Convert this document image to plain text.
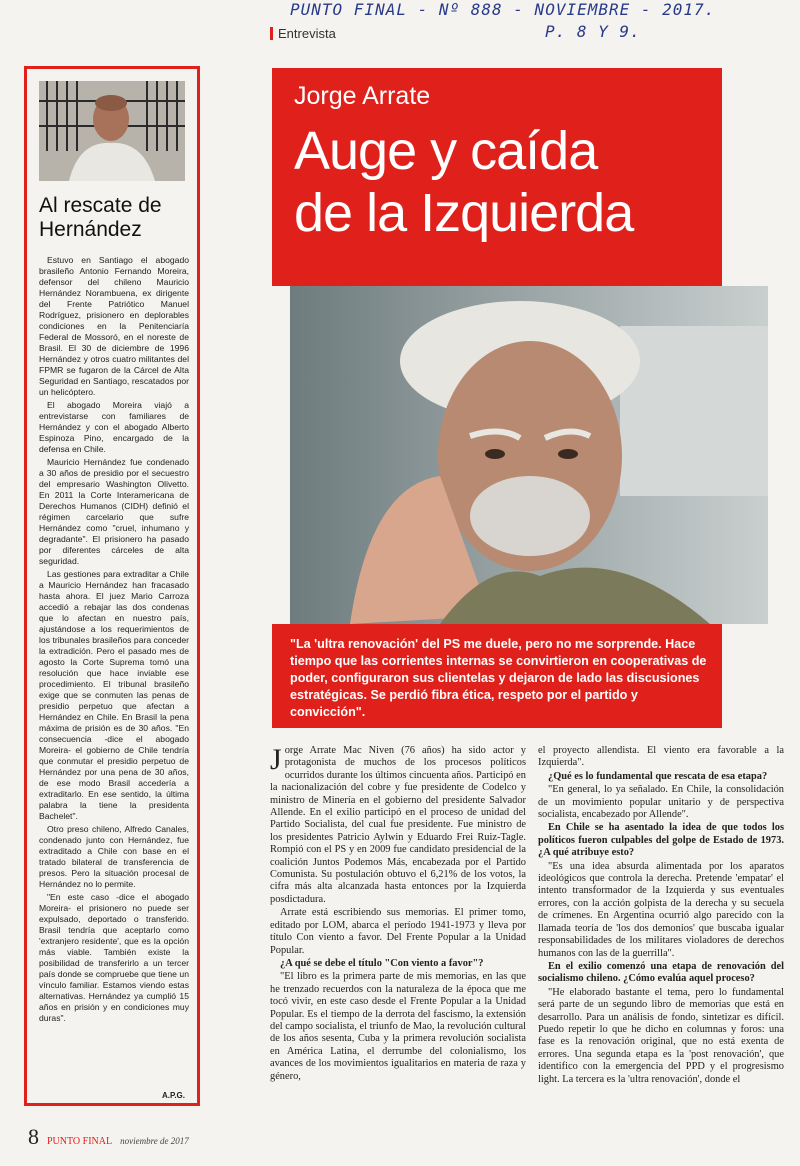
PUNTO FINAL - Nº 888 - NOVIEMBRE - 2017.
P. 8 Y 9.
Entrevista
Al rescate de Hernández

Estuvo en Santiago el abogado brasileño Antonio Fernando Moreira, defensor del chileno Mauricio Hernández Norambuena, ex dirigente del Frente Patriótico Manuel Rodríguez, prisionero en deplorables condiciones en la Penitenciaría Federal de Mossoró, en el noreste de Brasil. El 30 de diciembre de 1996 Hernández y otros cuatro militantes del FPMR se fugaron de la Cárcel de Alta Seguridad en Santiago, rescatados por un helicóptero.

El abogado Moreira viajó a entrevistarse con familiares de Hernández y con el abogado Alberto Espinoza Pino, encargado de la defensa en Chile.

Mauricio Hernández fue condenado a 30 años de presidio por el secuestro del empresario Washington Olivetto. En 2011 la Corte Interamericana de Derechos Humanos (CIDH) definió el régimen carcelario que sufre Hernández como "cruel, inhumano y degradante". El prisionero ha pasado por diferentes cárceles de alta seguridad.

Las gestiones para extraditar a Chile a Mauricio Hernández han fracasado hasta ahora. El juez Mario Carroza accedió a rebajar las dos condenas que lo afectan en nuestro país, ajustándose a los requerimientos de los tribunales brasileños para conceder la extradición. Pero el pasado mes de agosto la Corte Suprema tomó una resolución que hace inviable ese procedimiento. El tribunal brasileño exige que se conmuten las penas de presidio perpetuo que afectan a Hernández en Chile. En Brasil la pena máxima de prisión es de 30 años. "En consecuencia -dice el abogado Moreira- el gobierno de Chile tendría que conmutar el presidio perpetuo de Hernández por una pena de 30 años, de ese modo Brasil accedería a extraditarlo. En ese sentido, la última palabra la tiene la presidenta Bachelet".

Otro preso chileno, Alfredo Canales, condenado junto con Hernández, fue extraditado a Chile con base en el tratado bilateral de transferencia de presos. Pero la situación procesal de Hernández no lo permite.

"En este caso -dice el abogado Moreira- el prisionero no puede ser expulsado, deportado o transferido. Brasil tendría que aceptarlo como 'extranjero residente', que es la opción más viable. También existe la posibilidad de transferirlo a un tercer país donde se compruebe que tiene un vínculo familiar. Estamos viendo estas alternativas. Hernández ya cumplió 15 años en prisión y en condiciones muy duras".

A.P.G.
Jorge Arrate
Auge y caída
de la Izquierda
"La 'ultra renovación' del PS me duele, pero no me sorprende. Hace tiempo que las corrientes internas se convirtieron en cooperativas de poder, configuraron sus clientelas y dejaron de lado las discusiones estratégicas. Se perdió fibra ética, respeto por el partido y convicción".

Jorge Arrate Mac Niven (76 años) ha sido actor y protagonista de muchos de los procesos políticos ocurridos durante los últimos cincuenta años. Participó en la nacionalización del cobre y fue presidente de Codelco y ministro de Minería en el gobierno del presidente Salvador Allende. En el exilio participó en el proceso de unidad del Partido Socialista, del cual fue presidente. Fue ministro de los presidentes Patricio Aylwin y Eduardo Frei Ruiz-Tagle. Rompió con el PS y en 2009 fue candidato presidencial de la coalición Juntos Podemos Más, encabezada por el Partido Comunista. Su postulación obtuvo el 6,21% de los votos, la cifra más alta alcanzada hasta entonces por la Izquierda posdictadura.

Arrate está escribiendo sus memorias. El primer tomo, editado por LOM, abarca el período 1941-1973 y lleva por título Con viento a favor. Del Frente Popular a la Unidad Popular.

¿A qué se debe el título "Con viento a favor"?

"El libro es la primera parte de mis memorias, en las que he trenzado recuerdos con la naturaleza de la época que me tocó vivir, en este caso desde el Frente Popular a la Unidad Popular. Es el tiempo de la derrota del fascismo, la extensión del campo socialista, el triunfo de Mao, la revolución cultural de los años sesenta, Cuba y la primera revolución socialista en América Latina, el derrumbe del colonialismo, los avances de los movimientos igualitarios en materia de raza y género,

el proyecto allendista. El viento era favorable a la Izquierda".

¿Qué es lo fundamental que rescata de esa etapa?

"En general, lo ya señalado. En Chile, la consolidación de un movimiento popular unitario y de perspectiva socialista, encabezado por Allende".

En Chile se ha asentado la idea de que todos los políticos fueron culpables del golpe de Estado de 1973. ¿A qué atribuye esto?

"Es una idea absurda alimentada por los aparatos ideológicos que controla la derecha. Pretende 'empatar' el intento transformador de la Izquierda y sus eventuales errores, con la acción golpista de la derecha y su secuela de crímenes. En Argentina ocurrió algo parecido con la llamada teoría de 'los dos demonios' que buscaba igualar responsabilidades de los militares violadores de derechos humanos con las de la guerrilla".

En el exilio comenzó una etapa de renovación del socialismo chileno. ¿Cómo evalúa aquel proceso?

"He elaborado bastante el tema, pero lo fundamental será parte de un segundo libro de memorias que está en desarrollo. Para un análisis de fondo, sintetizar es difícil. Puedo repetir lo que he dicho en columnas y foros: una fase es la renovación original, que no está exenta de errores. Una segunda etapa es la 'post renovación', que identifico con la emergencia del PPD y el progresismo light. La tercera es la 'ultra renovación', donde el

8 PUNTO FINAL noviembre de 2017
